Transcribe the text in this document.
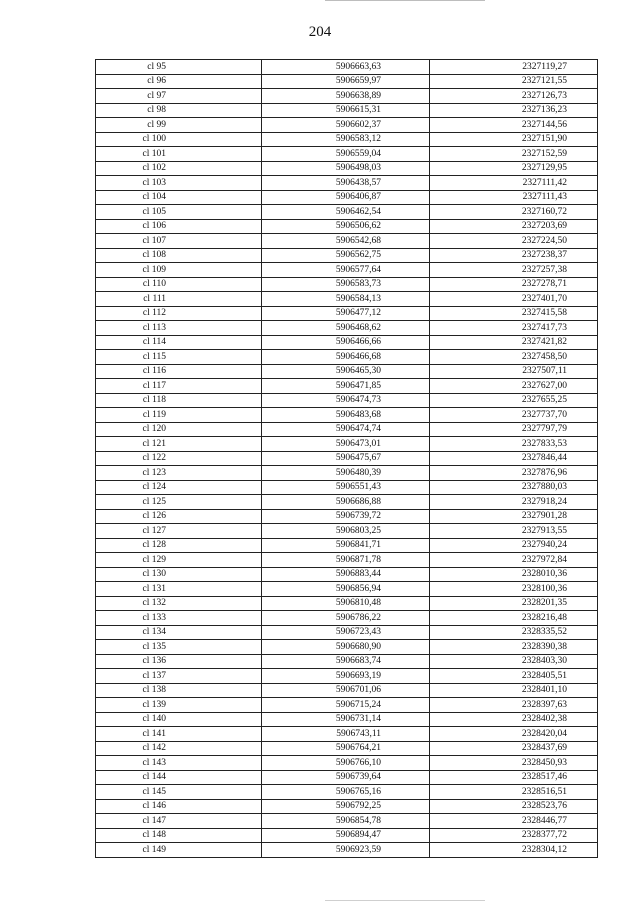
204
сl 95	5906663,63	2327119,27
сl 96	5906659,97	2327121,55
сl 97	5906638,89	2327126,73
сl 98	5906615,31	2327136,23
сl 99	5906602,37	2327144,56
сl 100	5906583,12	2327151,90
сl 101	5906559,04	2327152,59
сl 102	5906498,03	2327129,95
сl 103	5906438,57	2327111,42
сl 104	5906406,87	2327111,43
сl 105	5906462,54	2327160,72
сl 106	5906506,62	2327203,69
сl 107	5906542,68	2327224,50
сl 108	5906562,75	2327238,37
сl 109	5906577,64	2327257,38
сl 110	5906583,73	2327278,71
сl 111	5906584,13	2327401,70
сl 112	5906477,12	2327415,58
сl 113	5906468,62	2327417,73
сl 114	5906466,66	2327421,82
сl 115	5906466,68	2327458,50
сl 116	5906465,30	2327507,11
сl 117	5906471,85	2327627,00
сl 118	5906474,73	2327655,25
сl 119	5906483,68	2327737,70
сl 120	5906474,74	2327797,79
сl 121	5906473,01	2327833,53
сl 122	5906475,67	2327846,44
сl 123	5906480,39	2327876,96
сl 124	5906551,43	2327880,03
сl 125	5906686,88	2327918,24
сl 126	5906739,72	2327901,28
сl 127	5906803,25	2327913,55
сl 128	5906841,71	2327940,24
сl 129	5906871,78	2327972,84
сl 130	5906883,44	2328010,36
сl 131	5906856,94	2328100,36
сl 132	5906810,48	2328201,35
сl 133	5906786,22	2328216,48
сl 134	5906723,43	2328335,52
сl 135	5906680,90	2328390,38
сl 136	5906683,74	2328403,30
сl 137	5906693,19	2328405,51
сl 138	5906701,06	2328401,10
сl 139	5906715,24	2328397,63
сl 140	5906731,14	2328402,38
сl 141	5906743,11	2328420,04
сl 142	5906764,21	2328437,69
сl 143	5906766,10	2328450,93
сl 144	5906739,64	2328517,46
сl 145	5906765,16	2328516,51
сl 146	5906792,25	2328523,76
сl 147	5906854,78	2328446,77
сl 148	5906894,47	2328377,72
сl 149	5906923,59	2328304,12
